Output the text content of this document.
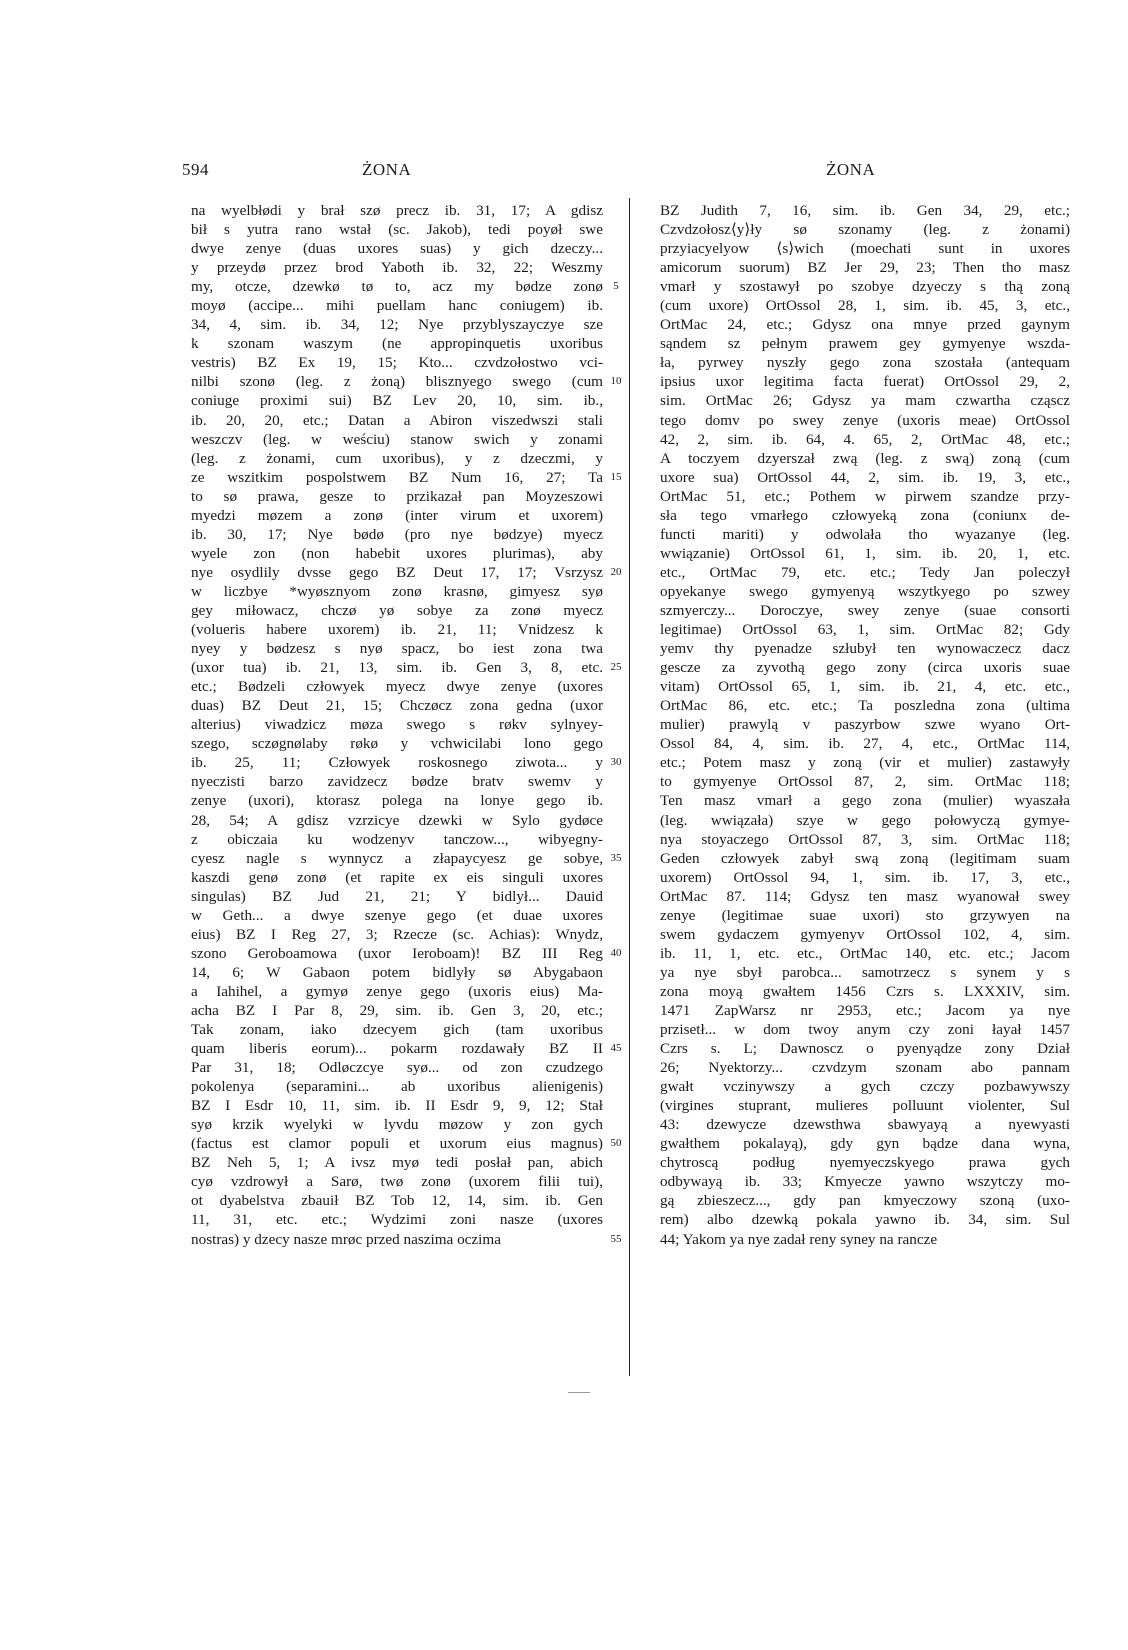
594	ŻONA	ŻONA
na wyelbłødi y brał szø precz ib. 31, 17; A gdisz
bił s yutra rano wstał (sc. Jakob), tedi poyøł swe
dwye zenye (duas uxores suas) y gich dzeczy...
y przeydø przez brod Yaboth ib. 32, 22; Weszmy
my, otcze, dzewkø tø to, acz my bødze zonø
moyø (accipe... mihi puellam hanc coniugem) ib.
34, 4, sim. ib. 34, 12; Nye przyblyszayczye sze
k szonam waszym (ne appropinquetis uxoribus
vestris) BZ Ex 19, 15; Kto... czvdzołostwo vci-
nilbi szonø (leg. z żoną) blisznyego swego (cum
coniuge proximi sui) BZ Lev 20, 10, sim. ib.,
ib. 20, 20, etc.; Datan a Abiron viszedwszi stali
weszczv (leg. w weściu) stanow swich y zonami
(leg. z żonami, cum uxoribus), y z dzeczmi, y
ze wszitkim pospolstwem BZ Num 16, 27; Ta
to sø prawa, gesze to przikazał pan Moyzeszowi
myedzi møzem a zonø (inter virum et uxorem)
ib. 30, 17; Nye bødø (pro nye bødzye) myecz
wyele zon (non habebit uxores plurimas), aby
nye osydlily dvsse gego BZ Deut 17, 17; Vsrzysz
w liczbye *wyøsznyom zonø krasnø, gimyesz syø
gey miłowacz, chczø yø sobye za zonø myecz
(volueris habere uxorem) ib. 21, 11; Vnidzesz k
nyey y bødzesz s nyø spacz, bo iest zona twa
(uxor tua) ib. 21, 13, sim. ib. Gen 3, 8, etc.
etc.; Bødzeli człowyek myecz dwye zenye (uxores
duas) BZ Deut 21, 15; Chczøcz zona gedna (uxor
alterius) viwadzicz møza swego s røkv sylnyey-
szego, sczøgnølaby røkø y vchwicilabi lono gego
ib. 25, 11; Człowyek roskosnego ziwota... y
nyeczisti barzo zavidzecz bødze bratv swemv y
zenye (uxori), ktorasz polega na lonye gego ib.
28, 54; A gdisz vzrzicye dzewki w Sylo gydøce
z obiczaia ku wodzenyv tanczow..., wibyegny-
cyesz nagle s wynnycz a złapaycyesz ge sobye,
kaszdi genø zonø (et rapite ex eis singuli uxores
singulas) BZ Jud 21, 21; Y bidlył... Dauid
w Geth... a dwye szenye gego (et duae uxores
eius) BZ I Reg 27, 3; Rzecze (sc. Achias): Wnydz,
szono Geroboamowa (uxor Ieroboam)! BZ III Reg
14, 6; W Gabaon potem bidlyły sø Abygabaon
a Iahihel, a gymyø zenye gego (uxoris eius) Ma-
acha BZ I Par 8, 29, sim. ib. Gen 3, 20, etc.;
Tak zonam, iako dzecyem gich (tam uxoribus
quam liberis eorum)... pokarm rozdawały BZ II
Par 31, 18; Odløczcye syø... od zon czudzego
pokolenya (separamini... ab uxoribus alienigenis)
BZ I Esdr 10, 11, sim. ib. II Esdr 9, 9, 12; Stał
syø krzik wyelyki w lyvdu møzow y zon gych
(factus est clamor populi et uxorum eius magnus)
BZ Neh 5, 1; A ivsz myø tedi posłał pan, abich
cyø vzdrowył a Sarø, twø zonø (uxorem filii tui),
ot dyabelstva zbauił BZ Tob 12, 14, sim. ib. Gen
11, 31, etc. etc.; Wydzimi zoni nasze (uxores
nostras) y dzecy nasze mrøc przed naszima oczima
BZ Judith 7, 16, sim. ib. Gen 34, 29, etc.;
Czvdzołosz⟨y⟩ły sø szonamy (leg. z żonami)
przyiacyelyow ⟨s⟩wich (moechati sunt in uxores
amicorum suorum) BZ Jer 29, 23; Then tho masz
vmarł y szostawył po szobye dzyeczy s thą zoną
(cum uxore) OrtOssol 28, 1, sim. ib. 45, 3, etc.,
OrtMac 24, etc.; Gdysz ona mnye przed gaynym
sąndem sz pełnym prawem gey gymyenye wszda-
ła, pyrwey nyszły gego zona szostała (antequam
ipsius uxor legitima facta fuerat) OrtOssol 29, 2,
sim. OrtMac 26; Gdysz ya mam czwartha cząscz
tego domv po swey zenye (uxoris meae) OrtOssol
42, 2, sim. ib. 64, 4. 65, 2, OrtMac 48, etc.;
A toczyem dzyerszał zwą (leg. z swą) zoną (cum
uxore sua) OrtOssol 44, 2, sim. ib. 19, 3, etc.,
OrtMac 51, etc.; Pothem w pirwem szandze przy-
sła tego vmarłego człowyeką zona (coniunx de-
functi mariti) y odwolała tho wyazanye (leg.
wwiązanie) OrtOssol 61, 1, sim. ib. 20, 1, etc.
etc., OrtMac 79, etc. etc.; Tedy Jan poleczył
opyekanye swego gymyenyą wszytkyego po szwey
szmyerczy... Doroczye, swey zenye (suae consorti
legitimae) OrtOssol 63, 1, sim. OrtMac 82; Gdy
yemv thy pyenadze szłubył ten wynowaczecz dacz
gescze za zyvothą gego zony (circa uxoris suae
vitam) OrtOssol 65, 1, sim. ib. 21, 4, etc. etc.,
OrtMac 86, etc. etc.; Ta poszledna zona (ultima
mulier) prawylą v paszyrbow szwe wyano Ort-
Ossol 84, 4, sim. ib. 27, 4, etc., OrtMac 114,
etc.; Potem masz y zoną (vir et mulier) zastawyły
to gymyenye OrtOssol 87, 2, sim. OrtMac 118;
Ten masz vmarł a gego zona (mulier) wyaszała
(leg. wwiązała) szye w gego połowyczą gymye-
nya stoyaczego OrtOssol 87, 3, sim. OrtMac 118;
Geden człowyek zabył swą zoną (legitimam suam
uxorem) OrtOssol 94, 1, sim. ib. 17, 3, etc.,
OrtMac 87. 114; Gdysz ten masz wyanował swey
zenye (legitimae suae uxori) sto grzywyen na
swem gydaczem gymyenyv OrtOssol 102, 4, sim.
ib. 11, 1, etc. etc., OrtMac 140, etc. etc.; Jacom
ya nye sbył parobca... samotrzecz s synem y s
zona moyą gwałtem 1456 Czrs s. LXXXIV, sim.
1471 ZapWarsz nr 2953, etc.; Jacom ya nye
przisetł... w dom twoy anym czy zoni łayał 1457
Czrs s. L; Dawnoscz o pyenyądze zony Dział
26; Nyektorzy... czvdzym szonam abo pannam
gwałt vczinywszy a gych czczy pozbawywszy
(virgines stuprant, mulieres polluunt violenter, Sul
43: dzewycze dzewsthwa sbawyayą a nyewyasti
gwałthem pokalayą), gdy gyn bądze dana wyna,
chytroscą podług nyemyeczskyego prawa gych
odbywayą ib. 33; Kmyecze yawno wszytczy mo-
gą zbieszecz..., gdy pan kmyeczowy szoną (uxo-
rem) albo dzewką pokala yawno ib. 34, sim. Sul
44; Yakom ya nye zadał reny syney na rancze
5
10
15
20
25
30
35
40
45
50
55
